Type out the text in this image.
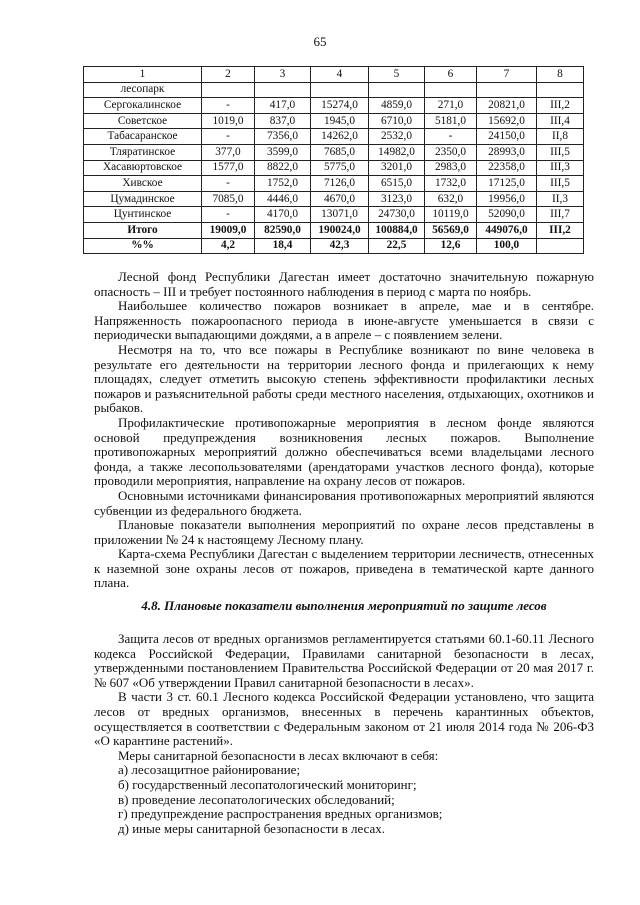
65
1	2	3	4	5	6	7	8
лесопарк							
Сергокалинское	-	417,0	15274,0	4859,0	271,0	20821,0	III,2
Советское	1019,0	837,0	1945,0	6710,0	5181,0	15692,0	III,4
Табасаранское	-	7356,0	14262,0	2532,0	-	24150,0	II,8
Тляратинское	377,0	3599,0	7685,0	14982,0	2350,0	28993,0	III,5
Хасавюртовское	1577,0	8822,0	5775,0	3201,0	2983,0	22358,0	III,3
Хивское	-	1752,0	7126,0	6515,0	1732,0	17125,0	III,5
Цумадинское	7085,0	4446,0	4670,0	3123,0	632,0	19956,0	II,3
Цунтинское	-	4170,0	13071,0	24730,0	10119,0	52090,0	III,7
Итого	19009,0	82590,0	190024,0	100884,0	56569,0	449076,0	III,2
%%	4,2	18,4	42,3	22,5	12,6	100,0	

Лесной фонд Республики Дагестан имеет достаточно значительную пожарную опасность – III и требует постоянного наблюдения в период с марта по ноябрь.

Наибольшее количество пожаров возникает в апреле, мае и в сентябре. Напряженность пожароопасного периода в июне-августе уменьшается в связи с периодически выпадающими дождями, а в апреле – с появлением зелени.

Несмотря на то, что все пожары в Республике возникают по вине человека в результате его деятельности на территории лесного фонда и прилегающих к нему площадях, следует отметить высокую степень эффективности профилактики лесных пожаров и разъяснительной работы среди местного населения, отдыхающих, охотников и рыбаков.

Профилактические противопожарные мероприятия в лесном фонде являются основой предупреждения возникновения лесных пожаров. Выполнение противопожарных мероприятий должно обеспечиваться всеми владельцами лесного фонда, а также лесопользователями (арендаторами участков лесного фонда), которые проводили мероприятия, направление на охрану лесов от пожаров.

Основными источниками финансирования противопожарных мероприятий являются субвенции из федерального бюджета.

Плановые показатели выполнения мероприятий по охране лесов представлены в приложении № 24 к настоящему Лесному плану.

Карта-схема Республики Дагестан с выделением территории лесничеств, отнесенных к наземной зоне охраны лесов от пожаров, приведена в тематической карте данного плана.

4.8. Плановые показатели выполнения мероприятий по защите лесов

Защита лесов от вредных организмов регламентируется статьями 60.1-60.11 Лесного кодекса Российской Федерации, Правилами санитарной безопасности в лесах, утвержденными постановлением Правительства Российской Федерации от 20 мая 2017 г. № 607 «Об утверждении Правил санитарной безопасности в лесах».

В части 3 ст. 60.1 Лесного кодекса Российской Федерации установлено, что защита лесов от вредных организмов, внесенных в перечень карантинных объектов, осуществляется в соответствии с Федеральным законом от 21 июля 2014 года № 206-ФЗ «О карантине растений».

Меры санитарной безопасности в лесах включают в себя:

а) лесозащитное районирование;
б) государственный лесопатологический мониторинг;
в) проведение лесопатологических обследований;
г) предупреждение распространения вредных организмов;
д) иные меры санитарной безопасности в лесах.
